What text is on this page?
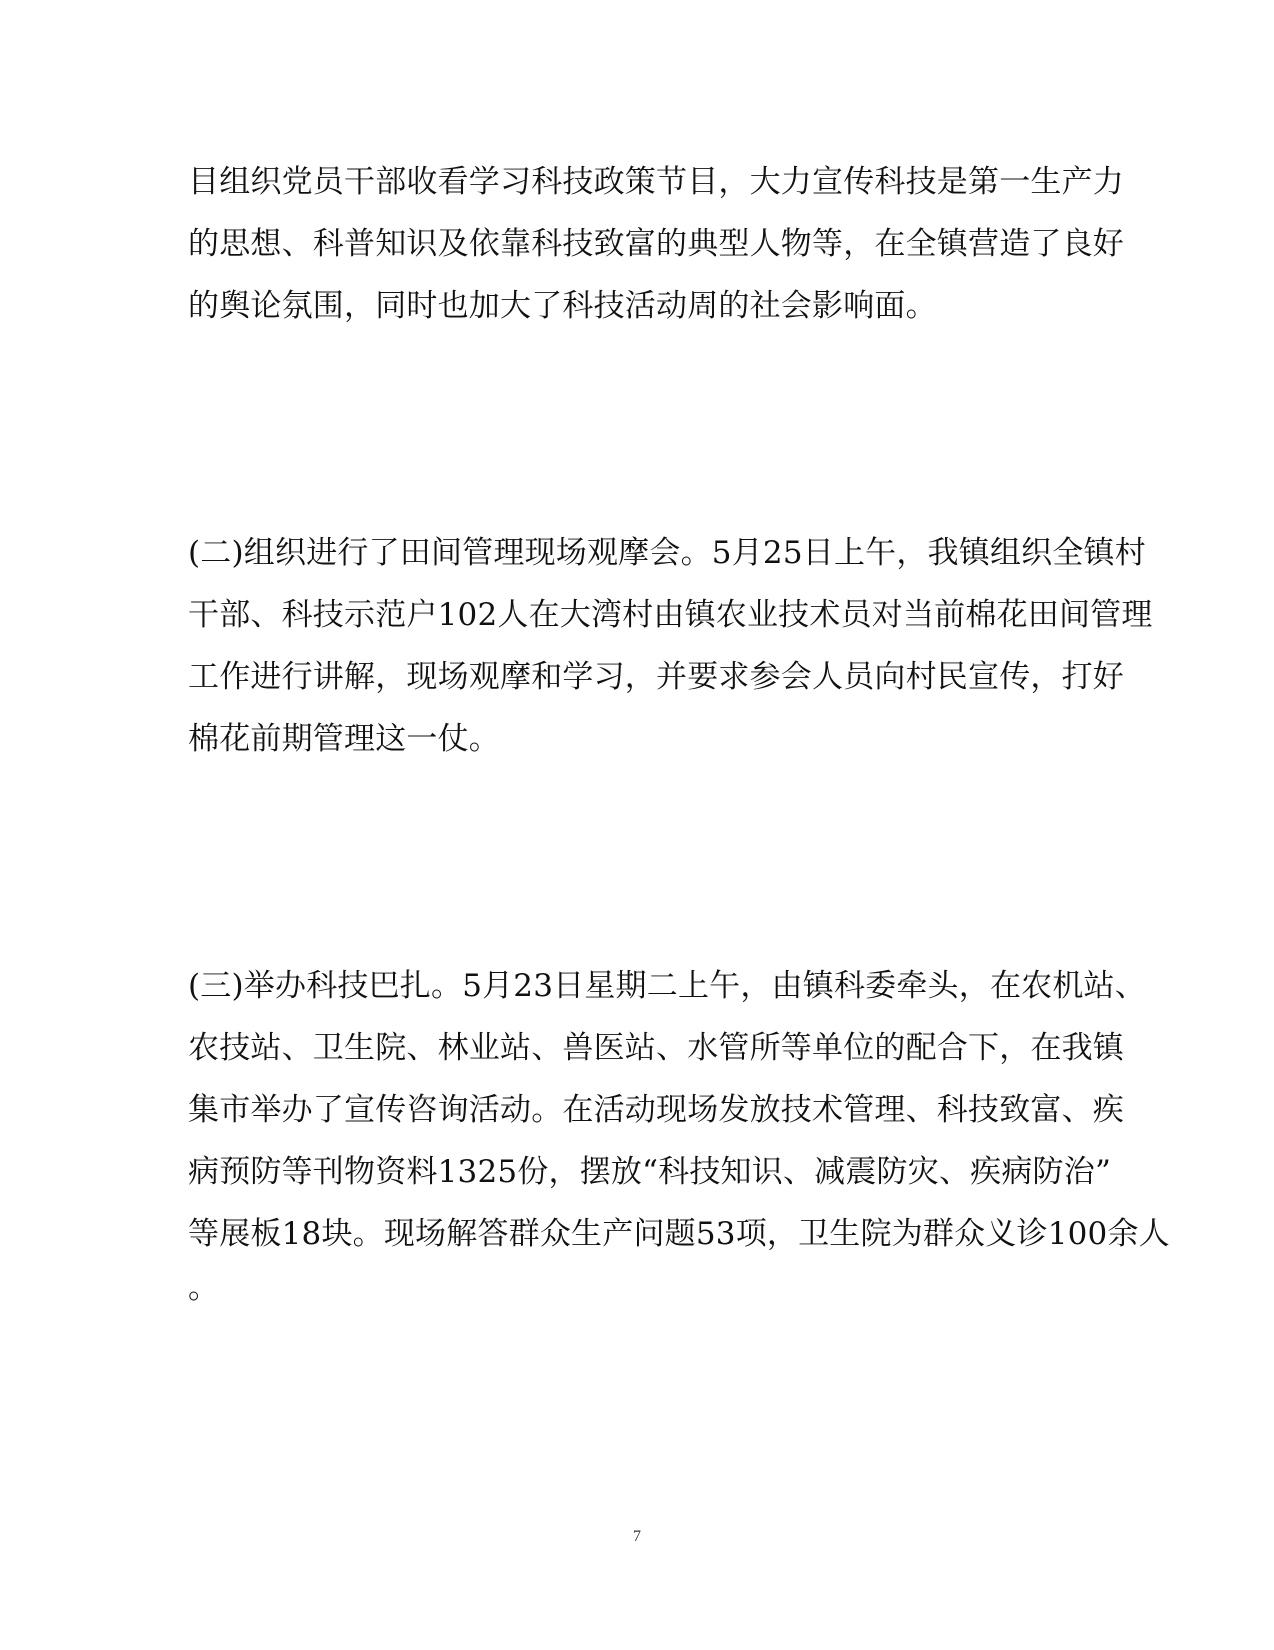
目组织党员干部收看学习科技政策节目，大力宣传科技是第一生产力
的思想、科普知识及依靠科技致富的典型人物等，在全镇营造了良好
的舆论氛围，同时也加大了科技活动周的社会影响面。
(二)组织进行了田间管理现场观摩会。5月25日上午，我镇组织全镇村
干部、科技示范户102人在大湾村由镇农业技术员对当前棉花田间管理
工作进行讲解，现场观摩和学习，并要求参会人员向村民宣传，打好
棉花前期管理这一仗。
(三)举办科技巴扎。5月23日星期二上午，由镇科委牵头，在农机站、
农技站、卫生院、林业站、兽医站、水管所等单位的配合下，在我镇
集市举办了宣传咨询活动。在活动现场发放技术管理、科技致富、疾
病预防等刊物资料1325份，摆放“科技知识、减震防灾、疾病防治”
等展板18块。现场解答群众生产问题53项，卫生院为群众义诊100余人
。
7
